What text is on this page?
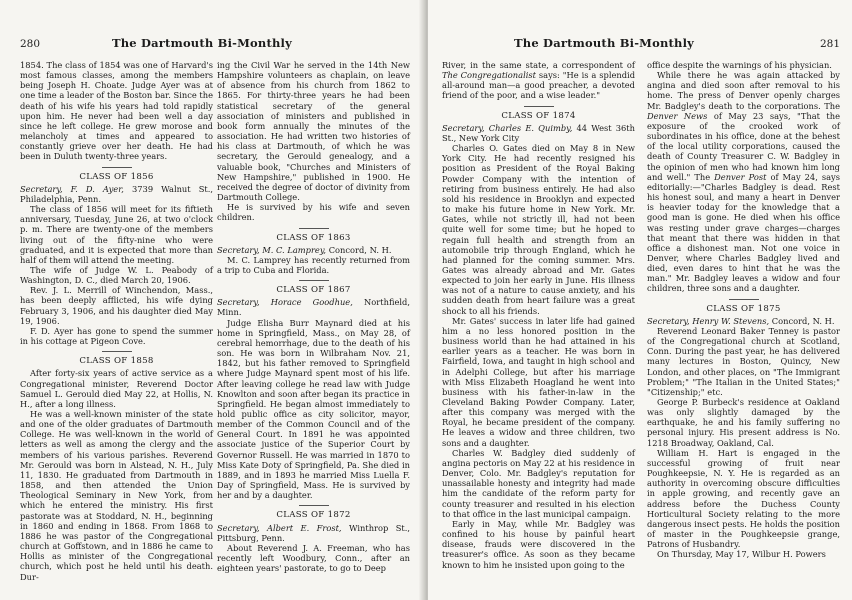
280	The Dartmouth Bi-Monthly

1854. The class of 1854 was one of Harvard's most famous classes, among the members being Joseph H. Choate. Judge Ayer was at one time a leader of the Boston bar. Since the death of his wife his years had told rapidly upon him. He never had been well a day since he left college. He grew morose and melancholy at times and appeared to constantly grieve over her death. He had been in Duluth twenty-three years.

CLASS OF 1856

Secretary, F. D. Ayer, 3739 Walnut St., Philadelphia, Penn.

The class of 1856 will meet for its fiftieth anniversary, Tuesday, June 26, at two o'clock p. m. There are twenty-one of the members living out of the fifty-nine who were graduated, and it is expected that more than half of them will attend the meeting.

The wife of Judge W. L. Peabody of Washington, D. C., died March 20, 1906.

Rev. J. L. Merrill of Winchendon, Mass., has been deeply afflicted, his wife dying February 3, 1906, and his daughter died May 19, 1906.

F. D. Ayer has gone to spend the summer in his cottage at Pigeon Cove.

CLASS OF 1858

After forty-six years of active service as a Congregational minister, Reverend Doctor Samuel L. Gerould died May 22, at Hollis, N. H., after a long illness.

He was a well-known minister of the state and one of the older graduates of Dartmouth College. He was well-known in the world of letters as well as among the clergy and the members of his various parishes. Reverend Mr. Gerould was born in Alstead, N. H., July 11, 1830. He graduated from Dartmouth in 1858, and then attended the Union Theological Seminary in New York, from which he entered the ministry. His first pastorate was at Stoddard, N. H., beginning in 1860 and ending in 1868. From 1868 to 1886 he was pastor of the Congregational church at Goffstown, and in 1886 he came to Hollis as minister of the Congregational church, which post he held until his death. Dur-

ing the Civil War he served in the 14th New Hampshire volunteers as chaplain, on leave of absence from his church from 1862 to 1865. For thirty-three years he had been statistical secretary of the general association of ministers and published in book form annually the minutes of the association. He had written two histories of his class at Dartmouth, of which he was secretary, the Gerould genealogy, and a valuable book, "Churches and Ministers of New Hampshire," published in 1900. He received the degree of doctor of divinity from Dartmouth College.

He is survived by his wife and seven children.

CLASS OF 1863

Secretary, M. C. Lamprey, Concord, N. H.

M. C. Lamprey has recently returned from a trip to Cuba and Florida.

CLASS OF 1867

Secretary, Horace Goodhue, Northfield, Minn.

Judge Elisha Burr Maynard died at his home in Springfield, Mass., on May 28, of cerebral hemorrhage, due to the death of his son. He was born in Wilbraham Nov. 21, 1842, but his father removed to Springfield where Judge Maynard spent most of his life. After leaving college he read law with Judge Knowlton and soon after began its practice in Springfield. He began almost immediately to hold public office as city solicitor, mayor, member of the Common Council and of the General Court. In 1891 he was appointed associate justice of the Superior Court by Governor Russell. He was married in 1870 to Miss Kate Doty of Springfield, Pa. She died in 1889, and in 1893 he married Miss Luella F. Day of Springfield, Mass. He is survived by her and by a daughter.

CLASS OF 1872

Secretary, Albert E. Frost, Winthrop St., Pittsburg, Penn.

About Reverend J. A. Freeman, who has recently left Woodbury, Conn., after an eighteen years' pastorate, to go to Deep

The Dartmouth Bi-Monthly	281

River, in the same state, a correspondent of The Congregationalist says: "He is a splendid all-around man—a good preacher, a devoted friend of the poor, and a wise leader."

CLASS OF 1874

Secretary, Charles E. Quimby, 44 West 36th St., New York City

Charles O. Gates died on May 8 in New York City. He had recently resigned his position as President of the Royal Baking Powder Company with the intention of retiring from business entirely. He had also sold his residence in Brooklyn and expected to make his future home in New York. Mr. Gates, while not strictly ill, had not been quite well for some time; but he hoped to regain full health and strength from an automobile trip through England, which he had planned for the coming summer. Mrs. Gates was already abroad and Mr. Gates expected to join her early in June. His illness was not of a nature to cause anxiety, and his sudden death from heart failure was a great shock to all his friends.

Mr. Gates' success in later life had gained him a no less honored position in the business world than he had attained in his earlier years as a teacher. He was born in Fairfield, Iowa, and taught in high school and in Adelphi College, but after his marriage with Miss Elizabeth Hoagland he went into business with his father-in-law in the Cleveland Baking Powder Company. Later, after this company was merged with the Royal, he became president of the company. He leaves a widow and three children, two sons and a daughter.

Charles W. Badgley died suddenly of angina pectoris on May 22 at his residence in Denver, Colo. Mr. Badgley's reputation for unassailable honesty and integrity had made him the candidate of the reform party for county treasurer and resulted in his election to that office in the last municipal campaign.

Early in May, while Mr. Badgley was confined to his house by painful heart disease, frauds were discovered in the treasurer's office. As soon as they became known to him he insisted upon going to the

office despite the warnings of his physician.

While there he was again attacked by angina and died soon after removal to his home. The press of Denver openly charges Mr. Badgley's death to the corporations. The Denver News of May 23 says, "That the exposure of the crooked work of subordinates in his office, done at the behest of the local utility corporations, caused the death of County Treasurer C. W. Badgley in the opinion of men who had known him long and well." The Denver Post of May 24, says editorially:—"Charles Badgley is dead. Rest his honest soul, and many a heart in Denver is heavier today for the knowledge that a good man is gone. He died when his office was resting under grave charges—charges that meant that there was hidden in that office a dishonest man. Not one voice in Denver, where Charles Badgley lived and died, even dares to hint that he was the man." Mr. Badgley leaves a widow and four children, three sons and a daughter.

CLASS OF 1875

Secretary, Henry W. Stevens, Concord, N. H.

Reverend Leonard Baker Tenney is pastor of the Congregational church at Scotland, Conn. During the past year, he has delivered many lectures in Boston, Quincy, New London, and other places, on "The Immigrant Problem;" "The Italian in the United States;" "Citizenship;" etc.

George P. Burbeck's residence at Oakland was only slightly damaged by the earthquake, he and his family suffering no personal injury. His present address is No. 1218 Broadway, Oakland, Cal.

William H. Hart is engaged in the successful growing of fruit near Poughkeepsie, N. Y. He is regarded as an authority in overcoming obscure difficulties in apple growing, and recently gave an address before the Duchess County Horticultural Society relating to the more dangerous insect pests. He holds the position of master in the Poughkeepsie grange, Patrons of Husbandry.

On Thursday, May 17, Wilbur H. Powers
